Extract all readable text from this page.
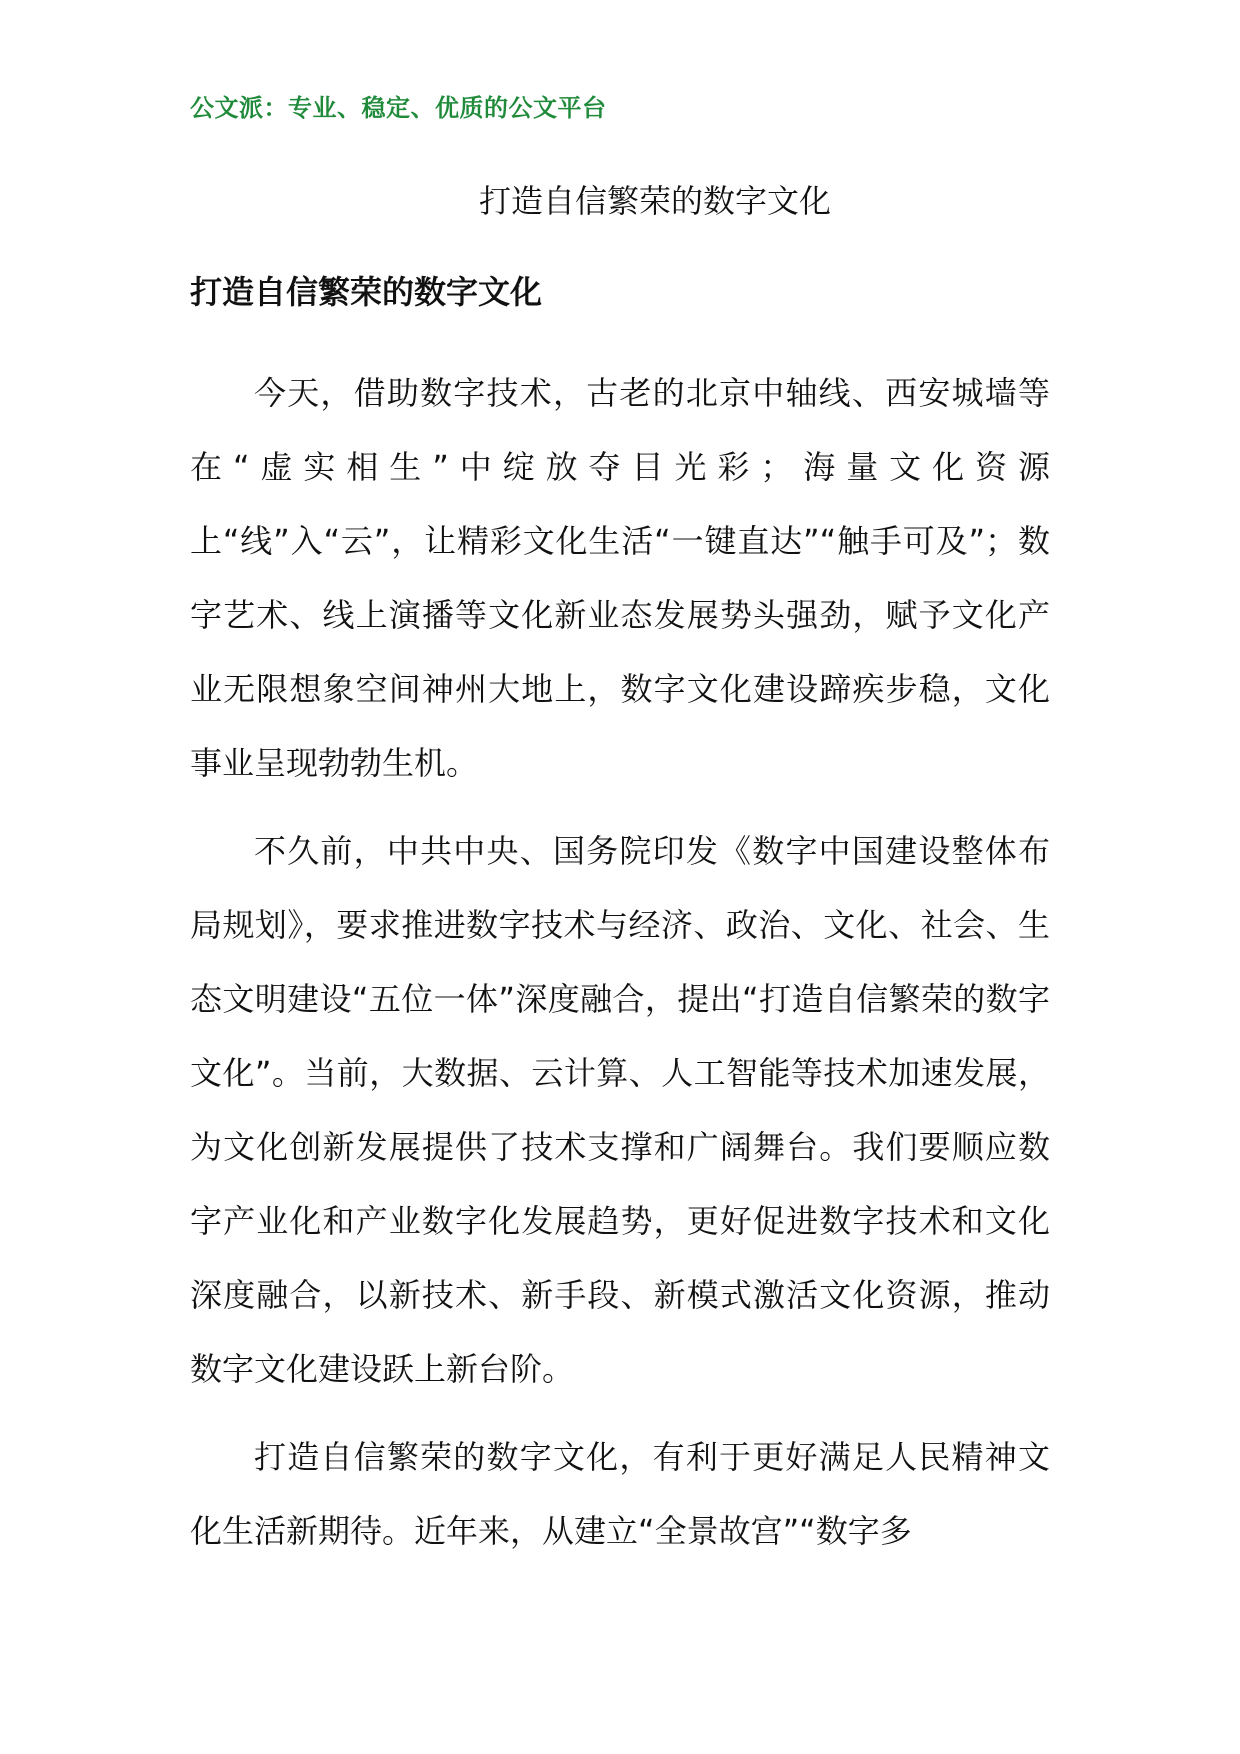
公文派：专业、稳定、优质的公文平台
打造自信繁荣的数字文化
打造自信繁荣的数字文化

今天，借助数字技术，古老的北京中轴线、西安城墙等在“虚实相生”中绽放夺目光彩；海量文化资源上“线”入“云”，让精彩文化生活“一键直达”“触手可及”；数字艺术、线上演播等文化新业态发展势头强劲，赋予文化产业无限想象空间神州大地上，数字文化建设蹄疾步稳，文化事业呈现勃勃生机。

不久前，中共中央、国务院印发《数字中国建设整体布局规划》，要求推进数字技术与经济、政治、文化、社会、生态文明建设“五位一体”深度融合，提出“打造自信繁荣的数字文化”。当前，大数据、云计算、人工智能等技术加速发展，为文化创新发展提供了技术支撑和广阔舞台。我们要顺应数字产业化和产业数字化发展趋势，更好促进数字技术和文化深度融合，以新技术、新手段、新模式激活文化资源，推动数字文化建设跃上新台阶。

打造自信繁荣的数字文化，有利于更好满足人民精神文化生活新期待。近年来，从建立“全景故宫”“数字多
